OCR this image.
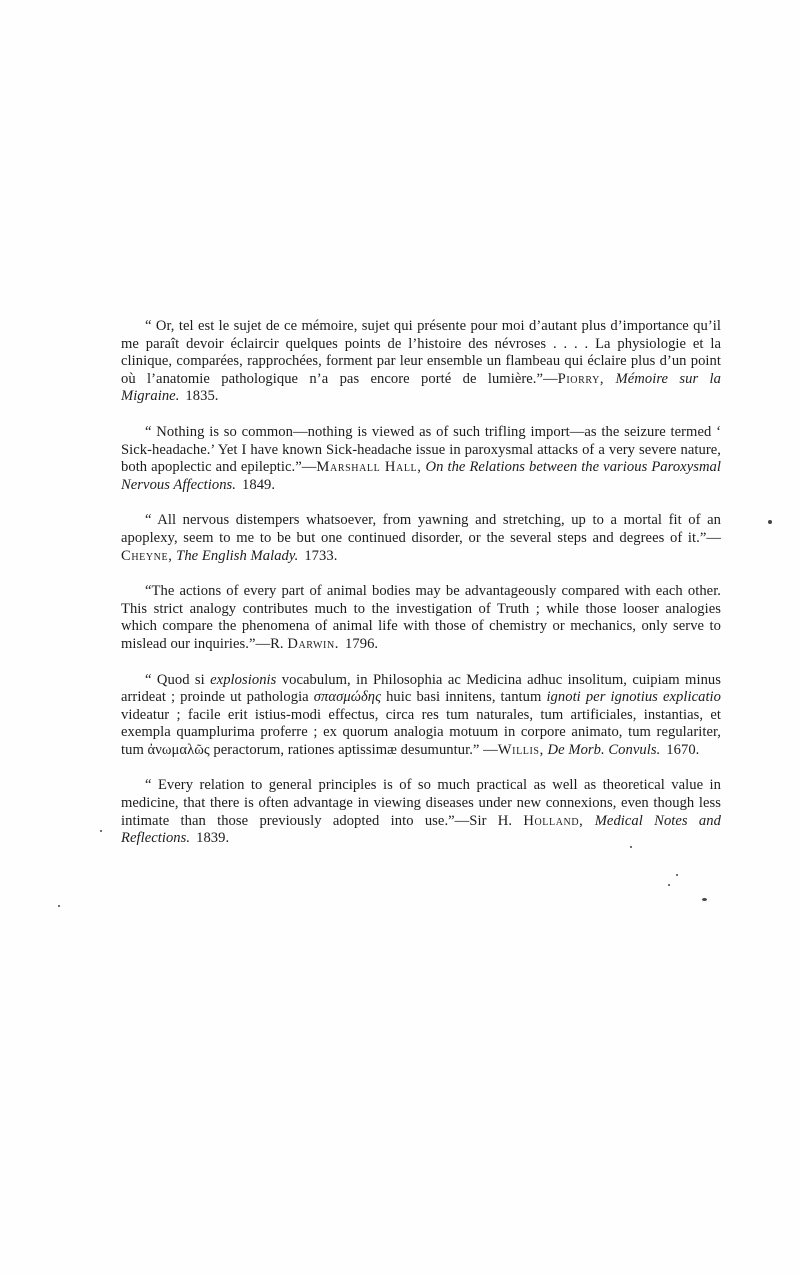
“ Or, tel est le sujet de ce mémoire, sujet qui présente pour moi d’autant plus d’importance qu’il me paraît devoir éclaircir quelques points de l’histoire des névroses . . . . La physiologie et la clinique, comparées, rapprochées, forment par leur ensemble un flambeau qui éclaire plus d’un point où l’anatomie pathologique n’a pas encore porté de lumière.”—Piorry, Mémoire sur la Migraine. 1835.

“ Nothing is so common—nothing is viewed as of such trifling import—as the seizure termed ‘ Sick-headache.’ Yet I have known Sick-headache issue in paroxysmal attacks of a very severe nature, both apoplectic and epileptic.”—Marshall Hall, On the Relations between the various Paroxysmal Nervous Affections. 1849.

“ All nervous distempers whatsoever, from yawning and stretching, up to a mortal fit of an apoplexy, seem to me to be but one continued disorder, or the several steps and degrees of it.”—Cheyne, The English Malady. 1733.

“The actions of every part of animal bodies may be advantageously compared with each other. This strict analogy contributes much to the investigation of Truth ; while those looser analogies which compare the phenomena of animal life with those of chemistry or mechanics, only serve to mislead our inquiries.”—R. Darwin. 1796.

“ Quod si explosionis vocabulum, in Philosophia ac Medicina adhuc insolitum, cuipiam minus arrideat ; proinde ut pathologia σπασμώδης huic basi innitens, tantum ignoti per ignotius explicatio videatur ; facile erit istius-modi effectus, circa res tum naturales, tum artificiales, instantias, et exempla quamplurima proferre ; ex quorum analogia motuum in corpore animato, tum regulariter, tum ἀνωμαλῶς peractorum, rationes aptissimæ desumuntur.” —Willis, De Morb. Convuls. 1670.

“ Every relation to general principles is of so much practical as well as theoretical value in medicine, that there is often advantage in viewing diseases under new connexions, even though less intimate than those previously adopted into use.”—Sir H. Holland, Medical Notes and Reflections. 1839.
